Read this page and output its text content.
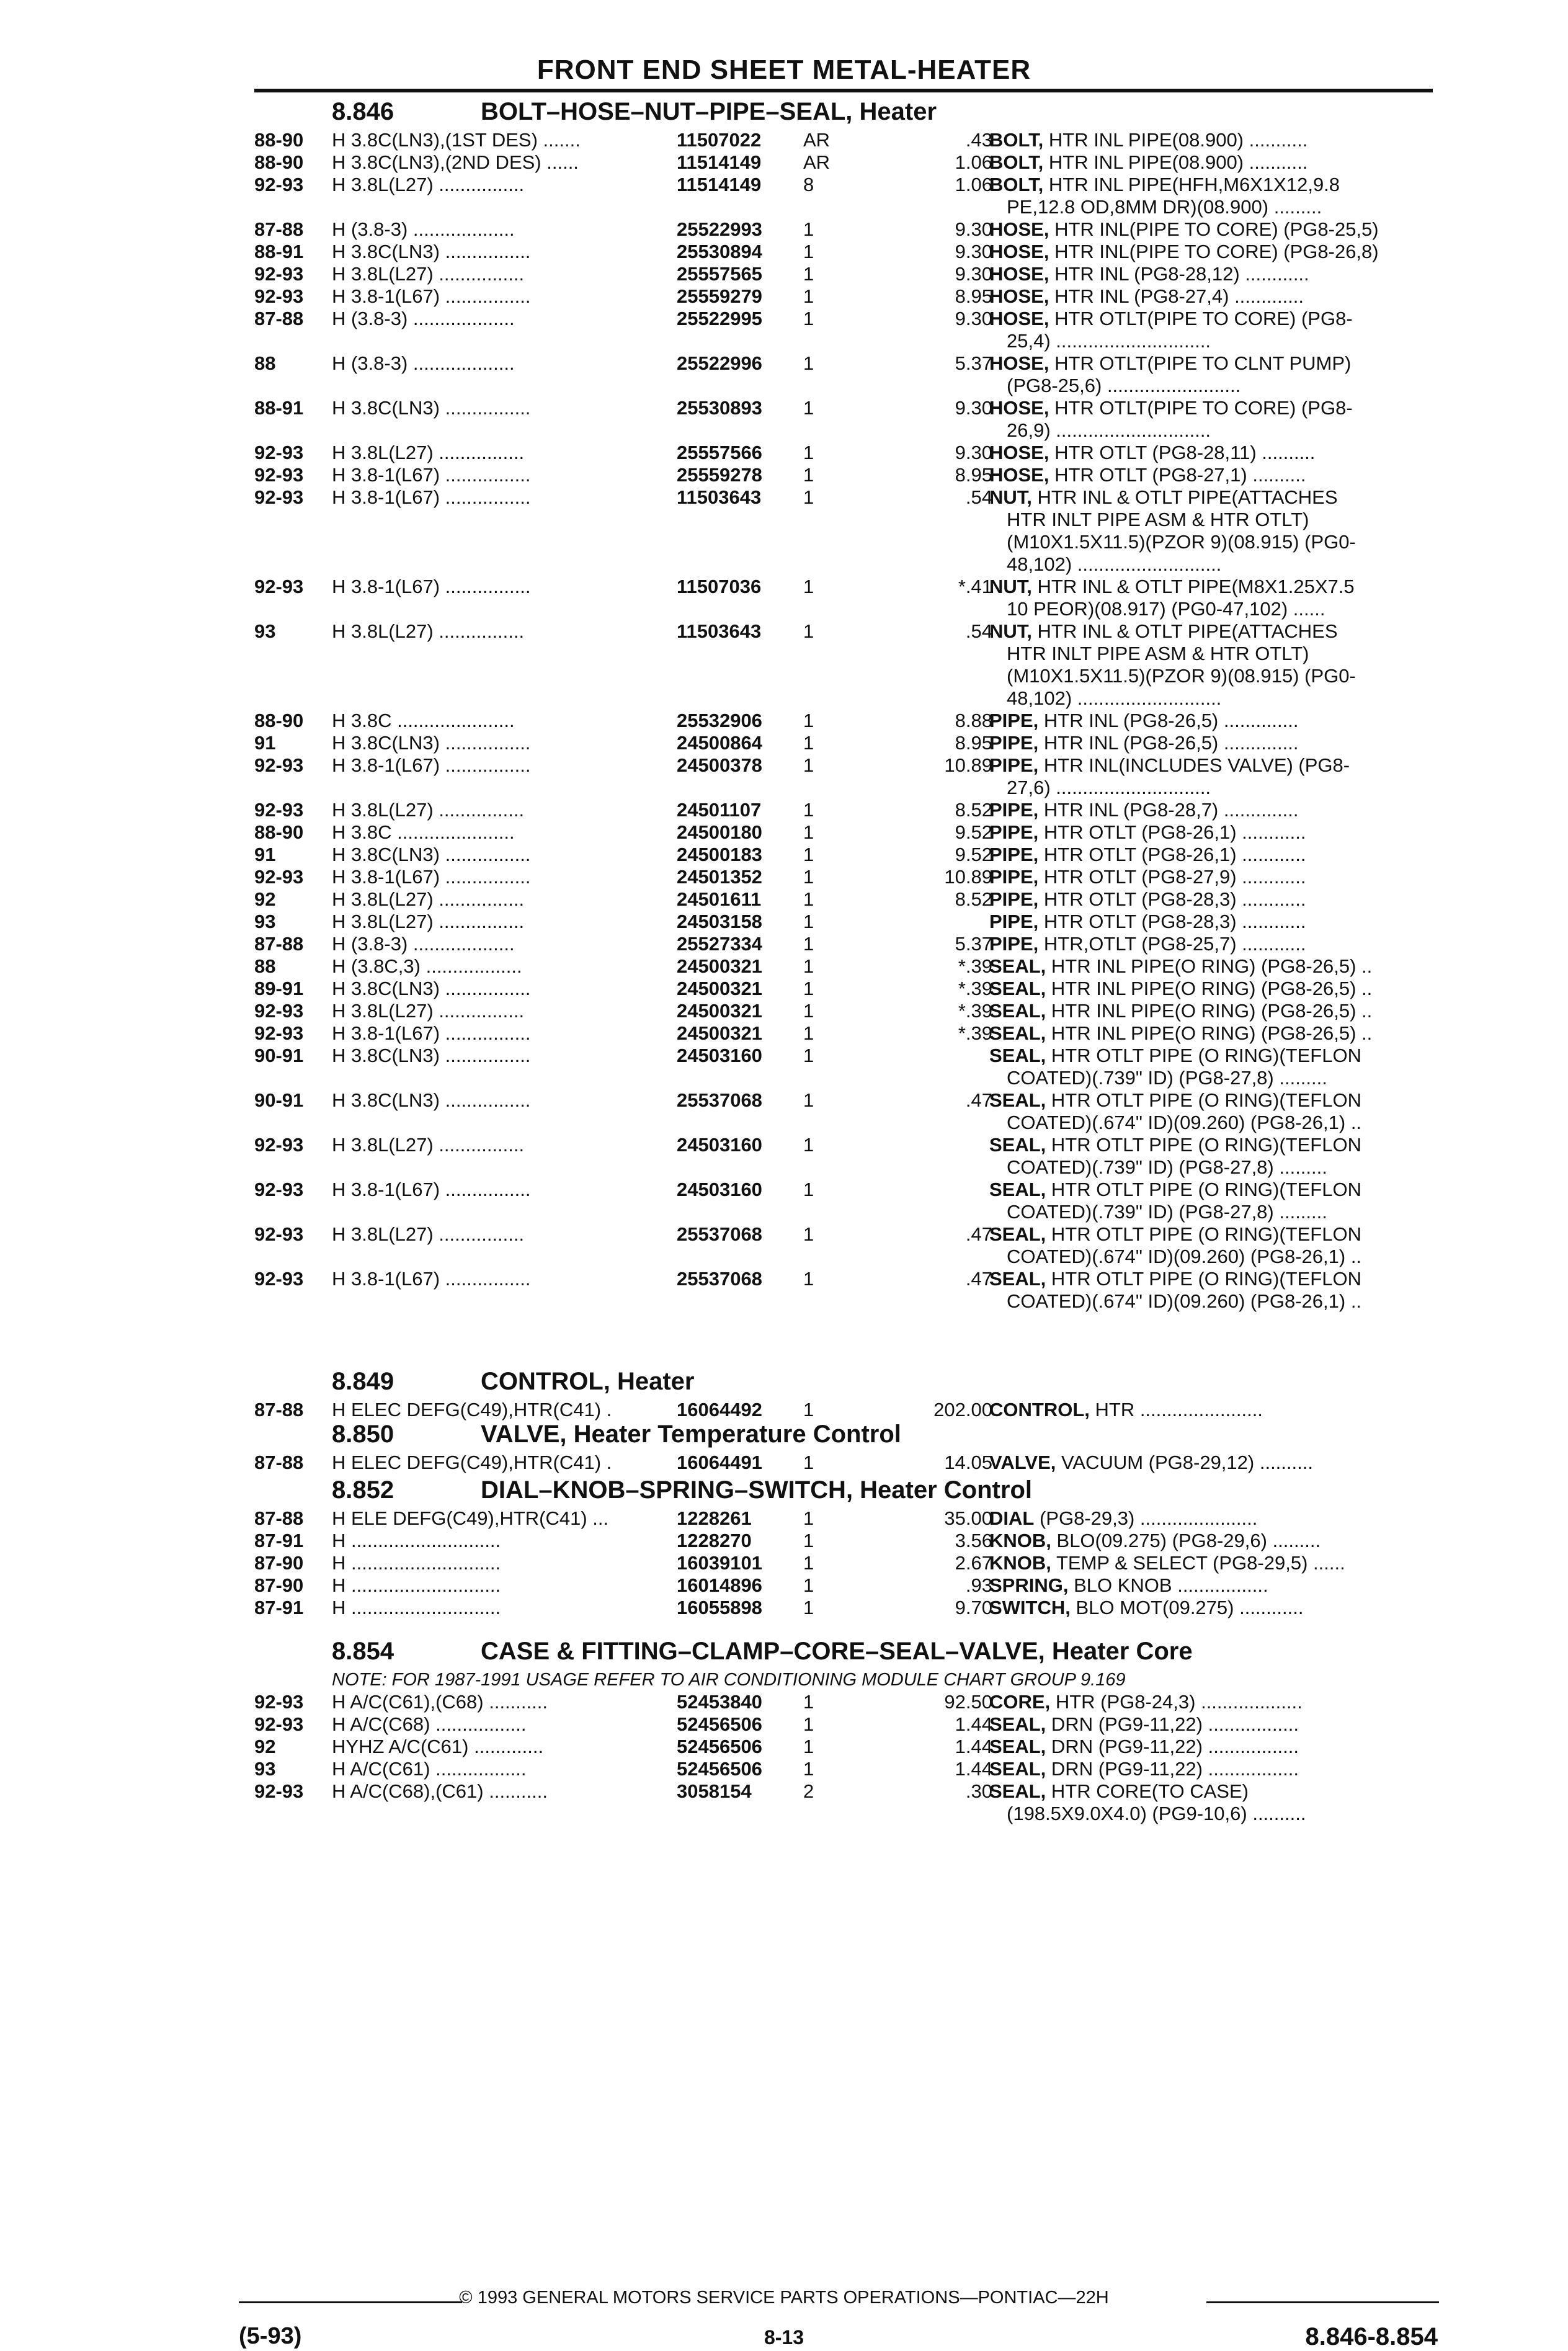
FRONT END SHEET METAL-HEATER
8.846	BOLT–HOSE–NUT–PIPE–SEAL, Heater
88-90 H 3.8C(LN3),(1ST DES) .......	11507022 AR	.43
BOLT, HTR INL PIPE(08.900) ...........
88-90 H 3.8C(LN3),(2ND DES) ......	11514149 AR	1.06
BOLT, HTR INL PIPE(08.900) ...........
92-93 H 3.8L(L27) ................	11514149 8	1.06
BOLT, HTR INL PIPE(HFH,M6X1X12,9.8
PE,12.8 OD,8MM DR)(08.900) .........
87-88 H (3.8-3) ...................	25522993 1	9.30
HOSE, HTR INL(PIPE TO CORE) (PG8-25,5)
88-91 H 3.8C(LN3) ................	25530894 1	9.30
HOSE, HTR INL(PIPE TO CORE) (PG8-26,8)
92-93 H 3.8L(L27) ................	25557565 1	9.30
HOSE, HTR INL (PG8-28,12) ............
92-93 H 3.8-1(L67) ................	25559279 1	8.95
HOSE, HTR INL (PG8-27,4) .............
87-88 H (3.8-3) ...................	25522995 1	9.30
HOSE, HTR OTLT(PIPE TO CORE) (PG8-
25,4) .............................
88	H (3.8-3) ...................	25522996 1	5.37
HOSE, HTR OTLT(PIPE TO CLNT PUMP)
(PG8-25,6) .........................
88-91 H 3.8C(LN3) ................	25530893 1	9.30
HOSE, HTR OTLT(PIPE TO CORE) (PG8-
26,9) .............................
92-93 H 3.8L(L27) ................	25557566 1	9.30
HOSE, HTR OTLT (PG8-28,11) ..........
92-93 H 3.8-1(L67) ................	25559278 1	8.95
HOSE, HTR OTLT (PG8-27,1) ..........
92-93 H 3.8-1(L67) ................	11503643 1	.54
NUT, HTR INL & OTLT PIPE(ATTACHES
HTR INLT PIPE ASM & HTR OTLT)
(M10X1.5X11.5)(PZOR 9)(08.915) (PG0-
48,102) ...........................
92-93 H 3.8-1(L67) ................	11507036 1	*.41
NUT, HTR INL & OTLT PIPE(M8X1.25X7.5
10 PEOR)(08.917) (PG0-47,102) ......
93	H 3.8L(L27) ................	11503643 1	.54
NUT, HTR INL & OTLT PIPE(ATTACHES
HTR INLT PIPE ASM & HTR OTLT)
(M10X1.5X11.5)(PZOR 9)(08.915) (PG0-
48,102) ...........................
88-90 H 3.8C ......................	25532906 1	8.88
PIPE, HTR INL (PG8-26,5) ..............
91	H 3.8C(LN3) ................	24500864 1	8.95
PIPE, HTR INL (PG8-26,5) ..............
92-93 H 3.8-1(L67) ................	24500378 1	10.89
PIPE, HTR INL(INCLUDES VALVE) (PG8-
27,6) .............................
92-93 H 3.8L(L27) ................	24501107 1	8.52
PIPE, HTR INL (PG8-28,7) ..............
88-90 H 3.8C ......................	24500180 1	9.52
PIPE, HTR OTLT (PG8-26,1) ............
91	H 3.8C(LN3) ................	24500183 1	9.52
PIPE, HTR OTLT (PG8-26,1) ............
92-93 H 3.8-1(L67) ................	24501352 1	10.89
PIPE, HTR OTLT (PG8-27,9) ............
92	H 3.8L(L27) ................	24501611 1	8.52
PIPE, HTR OTLT (PG8-28,3) ............
93	H 3.8L(L27) ................	24503158 1	PIPE, HTR OTLT (PG8-28,3) ............
87-88 H (3.8-3) ...................	25527334 1	5.37
PIPE, HTR,OTLT (PG8-25,7) ............
88	H (3.8C,3) ..................	24500321 1	*.39
SEAL, HTR INL PIPE(O RING) (PG8-26,5) ..
89-91 H 3.8C(LN3) ................	24500321 1	*.39
SEAL, HTR INL PIPE(O RING) (PG8-26,5) ..
92-93 H 3.8L(L27) ................	24500321 1	*.39
SEAL, HTR INL PIPE(O RING) (PG8-26,5) ..
92-93 H 3.8-1(L67) ................	24500321 1	*.39
SEAL, HTR INL PIPE(O RING) (PG8-26,5) ..
90-91 H 3.8C(LN3) ................	24503160 1	SEAL, HTR OTLT PIPE (O RING)(TEFLON
COATED)(.739" ID) (PG8-27,8) .........
90-91 H 3.8C(LN3) ................	25537068 1	.47
SEAL, HTR OTLT PIPE (O RING)(TEFLON
COATED)(.674" ID)(09.260) (PG8-26,1) ..
92-93 H 3.8L(L27) ................	24503160 1	SEAL, HTR OTLT PIPE (O RING)(TEFLON
COATED)(.739" ID) (PG8-27,8) .........
92-93 H 3.8-1(L67) ................	24503160 1	SEAL, HTR OTLT PIPE (O RING)(TEFLON
COATED)(.739" ID) (PG8-27,8) .........
92-93 H 3.8L(L27) ................	25537068 1	.47
SEAL, HTR OTLT PIPE (O RING)(TEFLON
COATED)(.674" ID)(09.260) (PG8-26,1) ..
92-93 H 3.8-1(L67) ................	25537068 1	.47
SEAL, HTR OTLT PIPE (O RING)(TEFLON
COATED)(.674" ID)(09.260) (PG8-26,1) ..
8.849	CONTROL, Heater
87-88 H ELEC DEFG(C49),HTR(C41) .	16064492 1	202.00
CONTROL, HTR .......................
8.850	VALVE, Heater Temperature Control
87-88 H ELEC DEFG(C49),HTR(C41) .	16064491 1	14.05
VALVE, VACUUM (PG8-29,12) ..........
8.852	DIAL–KNOB–SPRING–SWITCH, Heater Control
87-88 H ELE DEFG(C49),HTR(C41) ...	1228261	1	35.00
DIAL (PG8-29,3) ......................
87-91 H ............................	1228270	1	3.56
KNOB, BLO(09.275) (PG8-29,6) .........
87-90 H ............................	16039101 1	2.67
KNOB, TEMP & SELECT (PG8-29,5) ......
87-90 H ............................	16014896 1	.93
SPRING, BLO KNOB .................
87-91 H ............................	16055898 1	9.70
SWITCH, BLO MOT(09.275) ............
8.854	CASE & FITTING–CLAMP–CORE–SEAL–VALVE, Heater Core
NOTE: FOR 1987-1991 USAGE REFER TO AIR CONDITIONING MODULE CHART GROUP 9.169
92-93 H A/C(C61),(C68) ...........	52453840 1	92.50
CORE, HTR (PG8-24,3) ...................
92-93 H A/C(C68) .................	52456506 1	1.44
SEAL, DRN (PG9-11,22) .................
92	HYHZ A/C(C61) .............	52456506 1	1.44
SEAL, DRN (PG9-11,22) .................
93	H A/C(C61) .................	52456506 1	1.44
SEAL, DRN (PG9-11,22) .................
92-93 H A/C(C68),(C61) ...........	3058154	2	.30
SEAL, HTR CORE(TO CASE)
(198.5X9.0X4.0) (PG9-10,6) ..........
© 1993 GENERAL MOTORS SERVICE PARTS OPERATIONS—PONTIAC—22H
(5-93)	8-13	8.846-8.854
